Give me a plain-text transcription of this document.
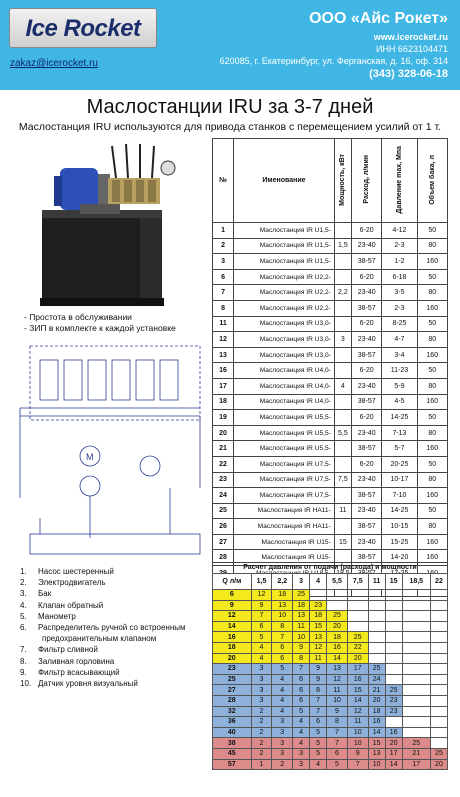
Ice Rocket
zakaz@icerocket.ru
ООО «Айс Рокет»
www.icerocket.ru
ИНН 6623104471
620085, г. Екатеринбург, ул. Ферганская, д. 16, оф. 314
(343) 328-06-18
Маслостанции IRU за 3-7 дней
Маслостанция IRU используются для привода станков с перемещением усилий от 1 т.
- Простота в обслуживании
- ЗИП в комплекте к каждой установке
M
№	Именование	Мощность, кВт	Расход, л/мин	Давление max, Мпа	Объем бака, л
1	Маслостанция IR U1,5-		6-20	4-12	50
2	Маслостанция IR U1,5-	1,5	23-40	2-3	80
3	Маслостанция IR U1,5-		38-57	1-2	160
6	Маслостанция IR U2,2-		6-20	6-18	50
7	Маслостанция IR U2,2-	2,2	23-40	3-5	80
8	Маслостанция IR U2,2-		38-57	2-3	160
11	Маслостанция IR U3,0-		6-20	8-25	50
12	Маслостанция IR U3,0-	3	23-40	4-7	80
13	Маслостанция IR U3,0-		38-57	3-4	160
16	Маслостанция IR U4,0-		6-20	11-23	50
17	Маслостанция IR U4,0-	4	23-40	5-9	80
18	Маслостанция IR U4,0-		38-57	4-5	160
19	Маслостанция IR U5,5-		6-20	14-25	50
20	Маслостанция IR U5,5-	5,5	23-40	7-13	80
21	Маслостанция IR U5,5-		38-57	5-7	160
22	Маслостанция IR U7,5-		6-20	20-25	50
23	Маслостанция IR U7,5-	7,5	23-40	10-17	80
24	Маслостанция IR U7,5-		38-57	7-10	160
25	Маслостанция IR HA11-	11	23-40	14-25	50
26	Маслостанция IR HA11-		38-57	10-15	80
27	Маслостанция IR U15-	15	23-40	15-25	160
28	Маслостанция IR U15-		38-57	14-20	160

1.	Насос шестеренный
2.	Электродвигатель
3.	Бак
4.	Клапан обратный
5.	Манометр
6.	Распределитель ручной со встроенным
предохранительным клапаном
7.	Фильтр сливной
8.	Заливная горловина
9.	Фильтр всасывающий
10. Датчик уровня визуальный
Расчет давления от подачи (расхода) и мощности
Q л/м	1,5	2,2	3	4	5,5	7,5	11	15	18,5	22
6	12	18	25							
9	9	13	18	23						
12	7	10	13	18	25					
14	6	8	11	15	20					
16	5	7	10	13	18	25				
18	4	6	9	12	16	22				
20	4	6	8	11	14	20				
23	3	5	7	9	13	17	25			
25	3	4	6	9	12	16	24			
27	3	4	6	8	11	15	21	25		
28	3	4	6	7	10	14	20	23		
32	2	4	5	7	9	12	18	23		
36	2	3	4	6	8	11	16			
40	2	3	4	5	7	10	14	16		
38	2	3	4	5	7	10	15	20	25	
45	2	3	3	5	6	9	13	17	21	25
57	1	2	3	4	5	7	10	14	17	20
